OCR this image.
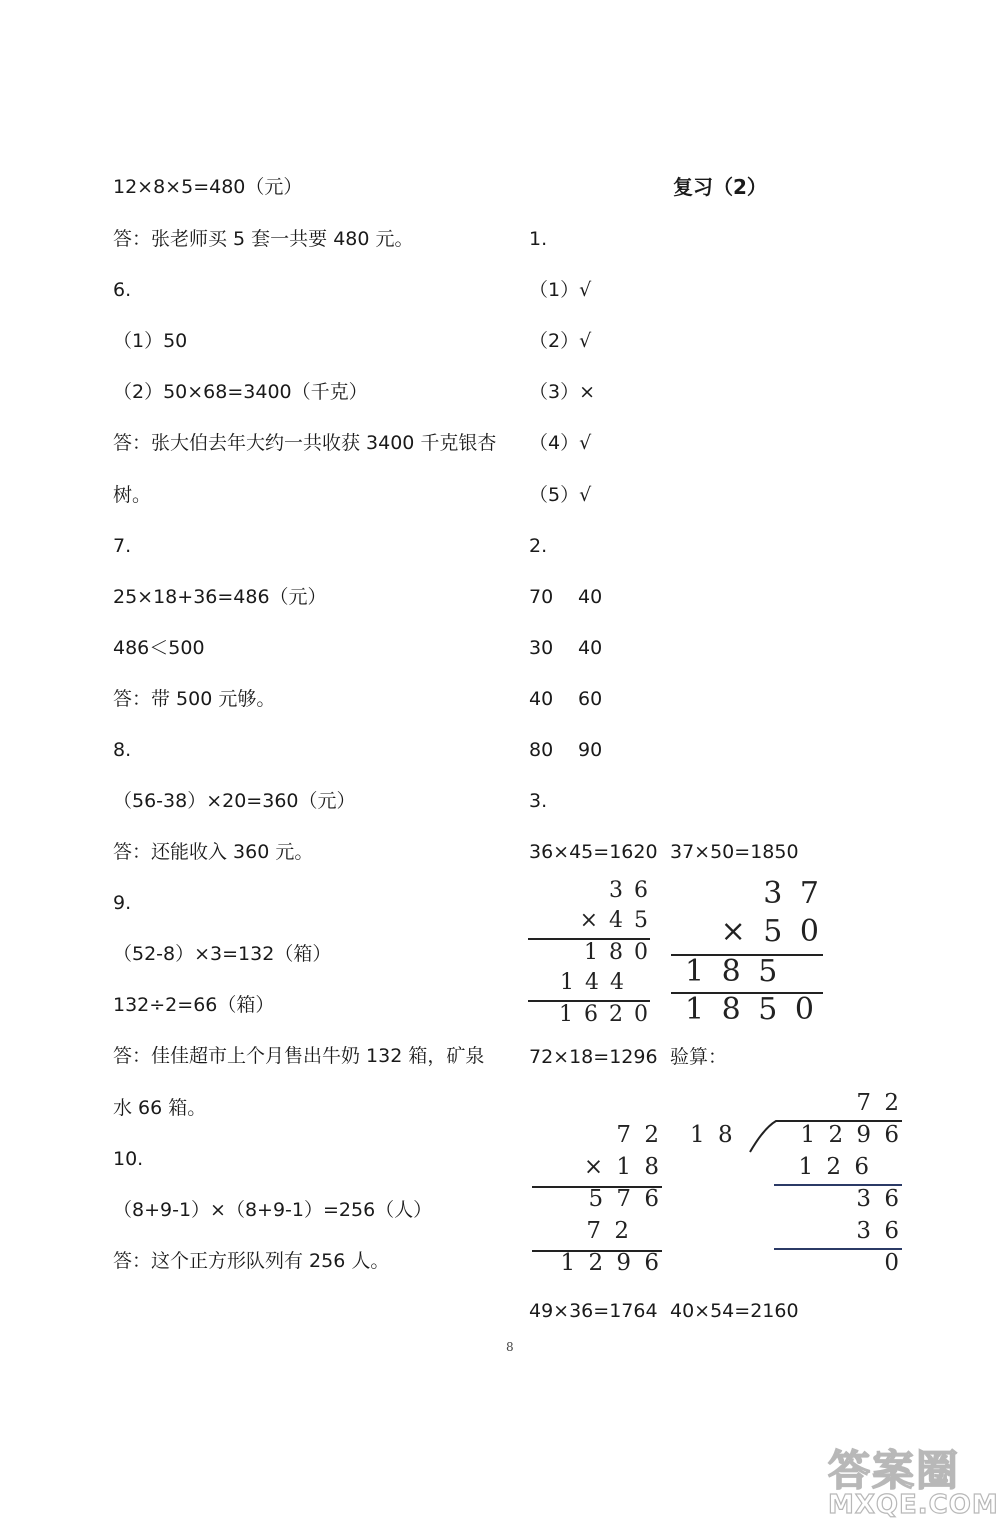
12×8×5=480（元）
答：张老师买 5 套一共要 480 元。
6.
（1）50
（2）50×68=3400（千克）
答：张大伯去年大约一共收获 3400 千克银杏
树。
7.
25×18+36=486（元）
486＜500
答：带 500 元够。
8.
（56-38）×20=360（元）
答：还能收入 360 元。
9.
（52-8）×3=132（箱）
132÷2=66（箱）
答：佳佳超市上个月售出牛奶 132 箱，矿泉
水 66 箱。
10.
（8+9-1）×（8+9-1）=256（人）
答：这个正方形队列有 256 人。
复习（2）
1.
（1）√
（2）√
（3）×
（4）√
（5）√
2.
70 40
30 40
40 60
80 90
3.
36×45=1620 37×50=1850
3 6
× 4 5
1 8 0
1 4 4
1 6 2 0
3 7
× 5 0
1 8 5
1 8 5 0
72×18=1296 验算：
7 2
× 1 8
5 7 6
7 2
1 2 9 6
7 2
1 8	1 2 9 6
1 2 6
3 6
3 6
0
49×36=1764 40×54=2160
8
答案圈
MXQE.COM
